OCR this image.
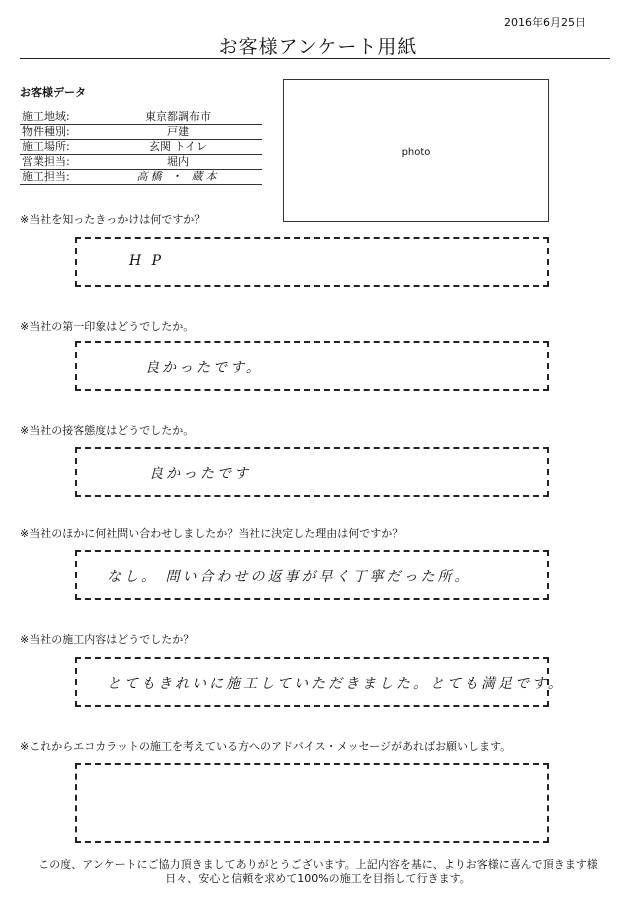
2016年6月25日
お客様アンケート用紙
お客様データ
施工地域:	東京都調布市
物件種別:	戸建
施工場所:	玄関 トイレ
営業担当:	堀内
施工担当:	高橋 ・ 蔵本
photo
※当社を知ったきっかけは何ですか？
H P
※当社の第一印象はどうでしたか。
良かったです。
※当社の接客態度はどうでしたか。
良かったです
※当社のほかに何社問い合わせしましたか？当社に決定した理由は何ですか？
なし。 問い合わせの返事が早く丁寧だった所。
※当社の施工内容はどうでしたか？
とてもきれいに施工していただきました。とても満足です。
※これからエコカラットの施工を考えている方へのアドバイス・メッセージがあればお願いします。
この度、アンケートにご協力頂きましてありがとうございます。上記内容を基に、よりお客様に喜んで頂きます様
日々、安心と信頼を求めて100%の施工を目指して行きます。
